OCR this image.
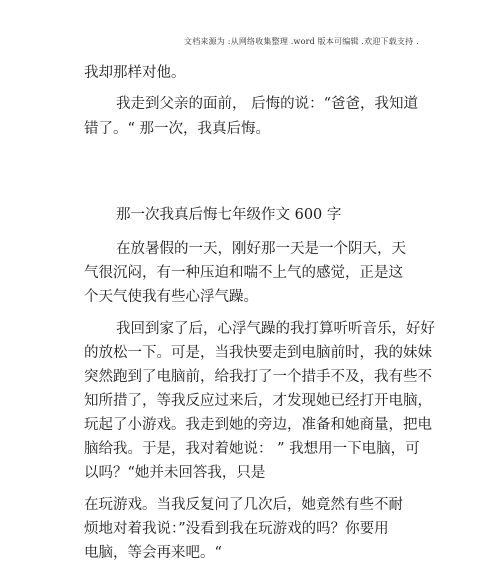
文档来源为 :从网络收集整理 .word 版本可编辑 .欢迎下载支持 .
我却那样对他。
我走到父亲的面前， 后悔的说：“爸爸，我知道
错了。“ 那一次，我真后悔。
那一次我真后悔七年级作文 600 字
在放暑假的一天，刚好那一天是一个阴天，天
气很沉闷，有一种压迫和喘不上气的感觉，正是这
个天气使我有些心浮气躁。
我回到家了后，心浮气躁的我打算听听音乐，好好
的放松一下。可是，当我快要走到电脑前时，我的妹妹
突然跑到了电脑前，给我打了一个措手不及，我有些不
知所措了，等我反应过来后，才发现她已经打开电脑，
玩起了小游戏。我走到她的旁边，准备和她商量，把电
脑给我。于是，我对着她说： ” 我想用一下电脑，可
以吗？“她并未回答我，只是
在玩游戏。当我反复问了几次后，她竟然有些不耐
烦地对着我说：”没看到我在玩游戏的吗？你要用
电脑，等会再来吧。“
